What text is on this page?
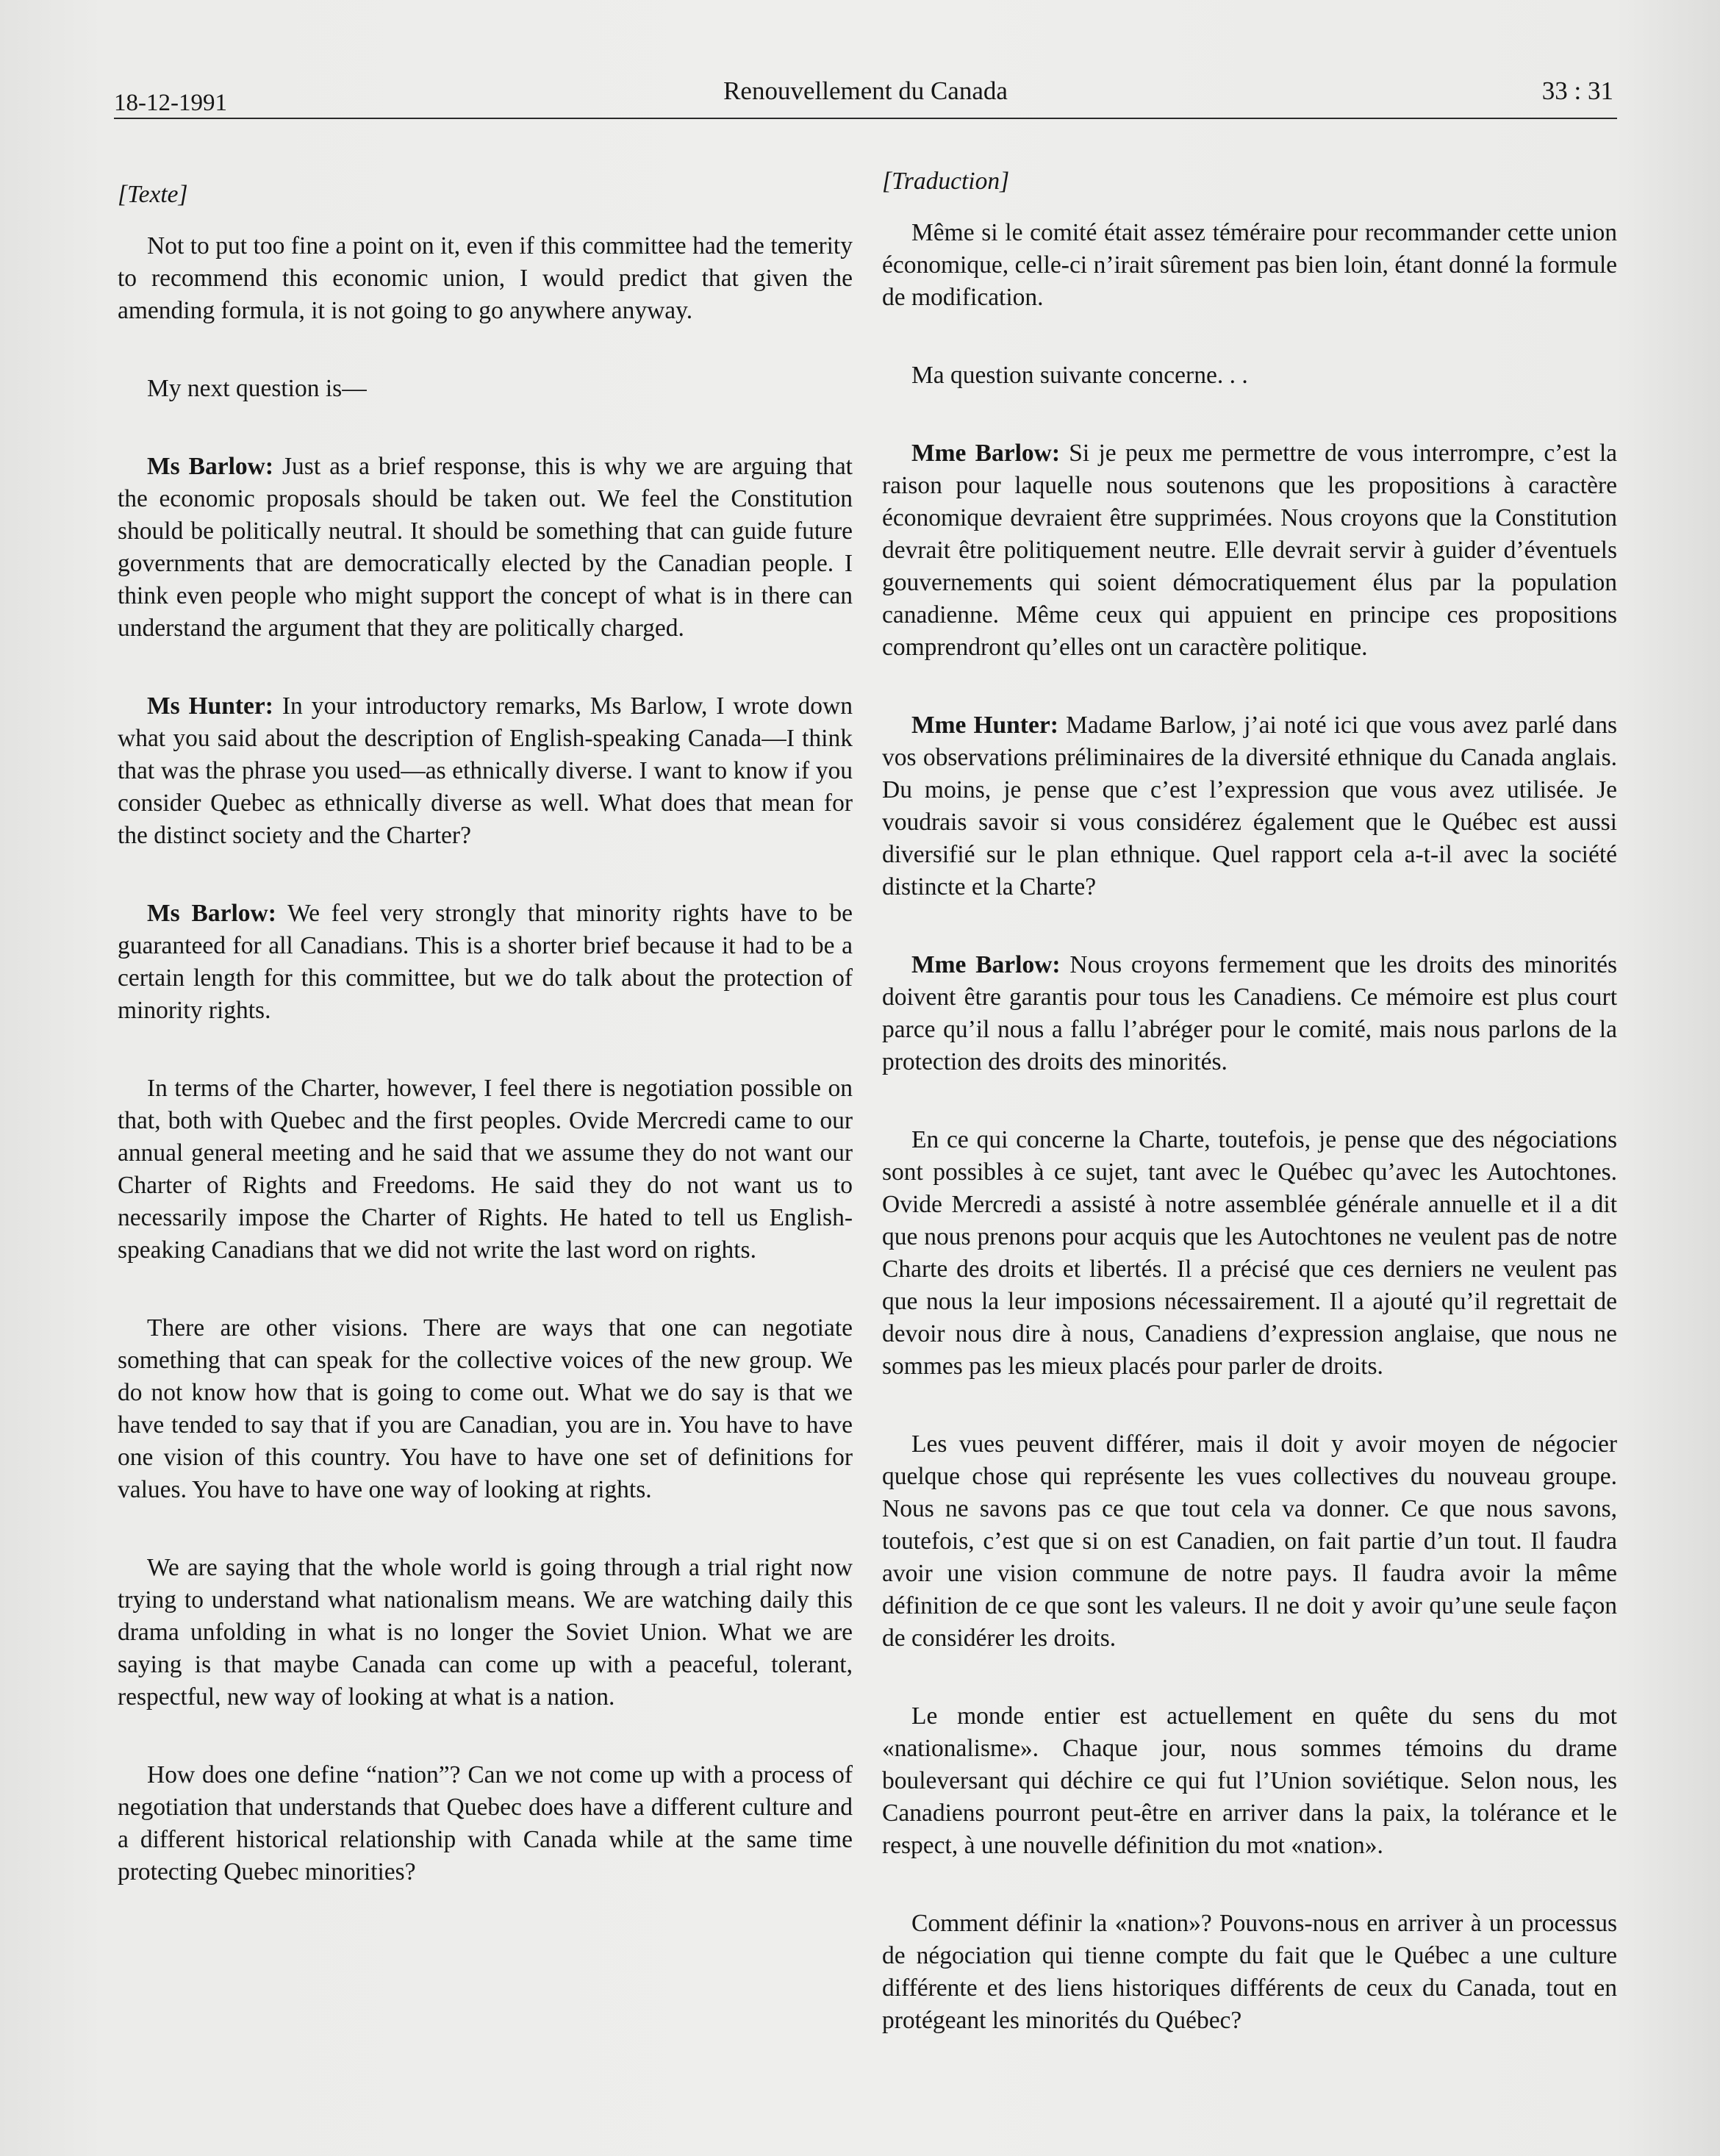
Renouvellement du Canada
18-12-1991	33 : 31

[Texte]

Not to put too fine a point on it, even if this committee had the temerity to recommend this economic union, I would predict that given the amending formula, it is not going to go anywhere anyway.

My next question is—

Ms Barlow: Just as a brief response, this is why we are arguing that the economic proposals should be taken out. We feel the Constitution should be politically neutral. It should be something that can guide future governments that are democratically elected by the Canadian people. I think even people who might support the concept of what is in there can understand the argument that they are politically charged.

Ms Hunter: In your introductory remarks, Ms Barlow, I wrote down what you said about the description of English-speaking Canada—I think that was the phrase you used—as ethnically diverse. I want to know if you consider Quebec as ethnically diverse as well. What does that mean for the distinct society and the Charter?

Ms Barlow: We feel very strongly that minority rights have to be guaranteed for all Canadians. This is a shorter brief because it had to be a certain length for this committee, but we do talk about the protection of minority rights.

In terms of the Charter, however, I feel there is negotiation possible on that, both with Quebec and the first peoples. Ovide Mercredi came to our annual general meeting and he said that we assume they do not want our Charter of Rights and Freedoms. He said they do not want us to necessarily impose the Charter of Rights. He hated to tell us English-speaking Canadians that we did not write the last word on rights.

There are other visions. There are ways that one can negotiate something that can speak for the collective voices of the new group. We do not know how that is going to come out. What we do say is that we have tended to say that if you are Canadian, you are in. You have to have one vision of this country. You have to have one set of definitions for values. You have to have one way of looking at rights.

We are saying that the whole world is going through a trial right now trying to understand what nationalism means. We are watching daily this drama unfolding in what is no longer the Soviet Union. What we are saying is that maybe Canada can come up with a peaceful, tolerant, respectful, new way of looking at what is a nation.

How does one define “nation”? Can we not come up with a process of negotiation that understands that Quebec does have a different culture and a different historical relationship with Canada while at the same time protecting Quebec minorities?

[Traduction]

Même si le comité était assez téméraire pour recommander cette union économique, celle-ci n’irait sûrement pas bien loin, étant donné la formule de modification.

Ma question suivante concerne. . .

Mme Barlow: Si je peux me permettre de vous interrompre, c’est la raison pour laquelle nous soutenons que les propositions à caractère économique devraient être supprimées. Nous croyons que la Constitution devrait être politiquement neutre. Elle devrait servir à guider d’éventuels gouvernements qui soient démocratiquement élus par la population canadienne. Même ceux qui appuient en principe ces propositions comprendront qu’elles ont un caractère politique.

Mme Hunter: Madame Barlow, j’ai noté ici que vous avez parlé dans vos observations préliminaires de la diversité ethnique du Canada anglais. Du moins, je pense que c’est l’expression que vous avez utilisée. Je voudrais savoir si vous considérez également que le Québec est aussi diversifié sur le plan ethnique. Quel rapport cela a-t-il avec la société distincte et la Charte?

Mme Barlow: Nous croyons fermement que les droits des minorités doivent être garantis pour tous les Canadiens. Ce mémoire est plus court parce qu’il nous a fallu l’abréger pour le comité, mais nous parlons de la protection des droits des minorités.

En ce qui concerne la Charte, toutefois, je pense que des négociations sont possibles à ce sujet, tant avec le Québec qu’avec les Autochtones. Ovide Mercredi a assisté à notre assemblée générale annuelle et il a dit que nous prenons pour acquis que les Autochtones ne veulent pas de notre Charte des droits et libertés. Il a précisé que ces derniers ne veulent pas que nous la leur imposions nécessairement. Il a ajouté qu’il regrettait de devoir nous dire à nous, Canadiens d’expression anglaise, que nous ne sommes pas les mieux placés pour parler de droits.

Les vues peuvent différer, mais il doit y avoir moyen de négocier quelque chose qui représente les vues collectives du nouveau groupe. Nous ne savons pas ce que tout cela va donner. Ce que nous savons, toutefois, c’est que si on est Canadien, on fait partie d’un tout. Il faudra avoir une vision commune de notre pays. Il faudra avoir la même définition de ce que sont les valeurs. Il ne doit y avoir qu’une seule façon de considérer les droits.

Le monde entier est actuellement en quête du sens du mot «nationalisme». Chaque jour, nous sommes témoins du drame bouleversant qui déchire ce qui fut l’Union soviétique. Selon nous, les Canadiens pourront peut-être en arriver dans la paix, la tolérance et le respect, à une nouvelle définition du mot «nation».

Comment définir la «nation»? Pouvons-nous en arriver à un processus de négociation qui tienne compte du fait que le Québec a une culture différente et des liens historiques différents de ceux du Canada, tout en protégeant les minorités du Québec?
